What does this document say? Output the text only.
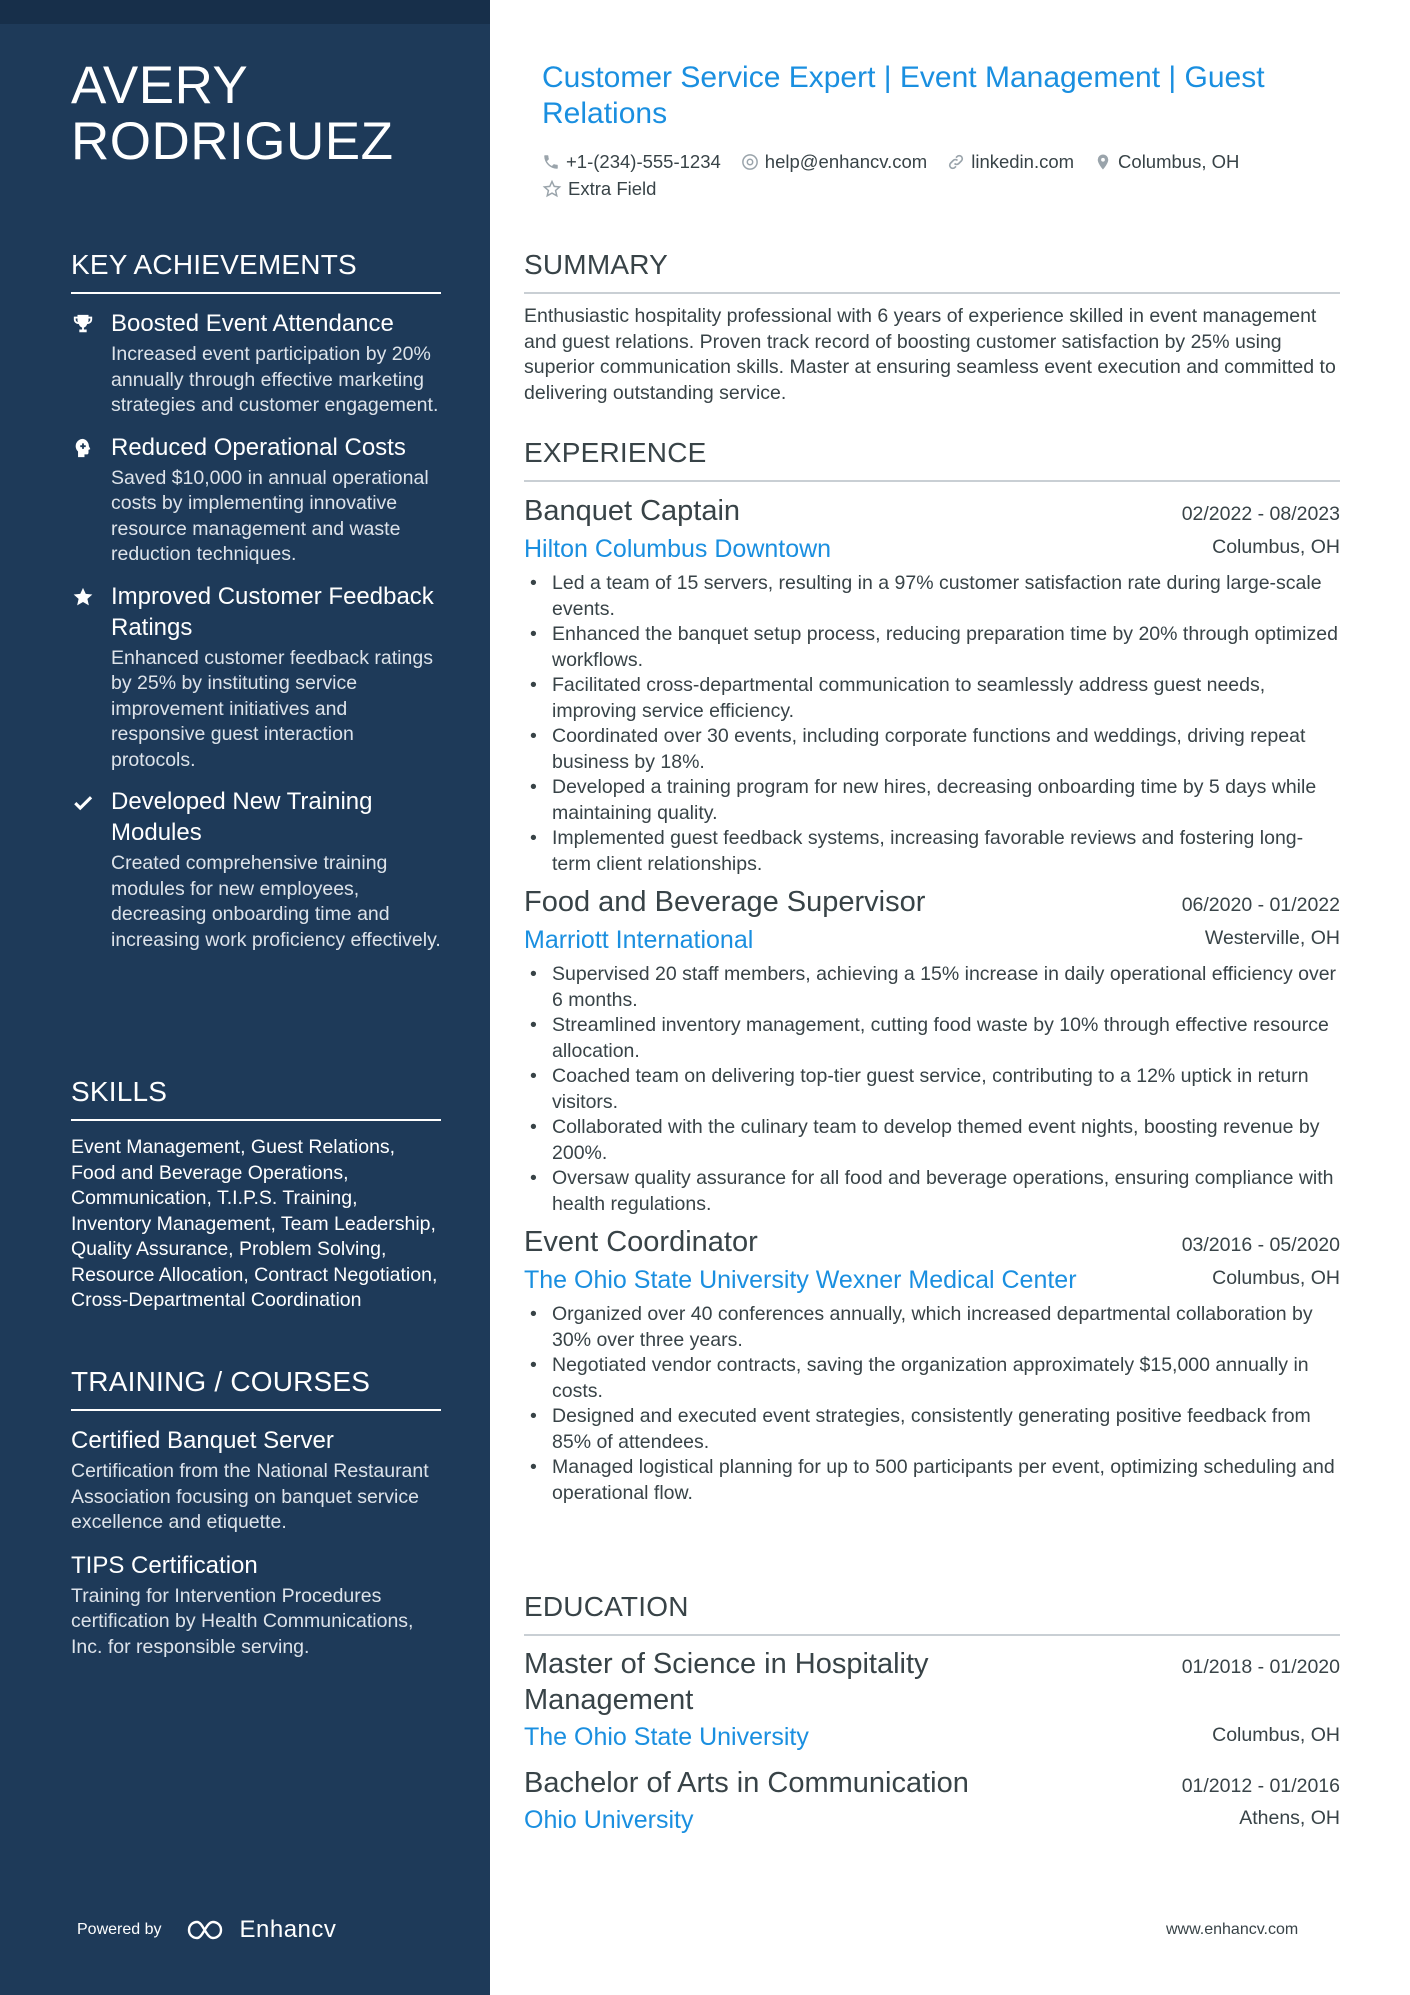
AVERY
RODRIGUEZ
KEY ACHIEVEMENTS
Boosted Event Attendance
Increased event participation by 20% annually through effective marketing strategies and customer engagement.
Reduced Operational Costs
Saved $10,000 in annual operational costs by implementing innovative resource management and waste reduction techniques.
Improved Customer Feedback Ratings
Enhanced customer feedback ratings by 25% by instituting service improvement initiatives and responsive guest interaction protocols.
Developed New Training Modules
Created comprehensive training modules for new employees, decreasing onboarding time and increasing work proficiency effectively.
SKILLS
Event Management, Guest Relations, Food and Beverage Operations, Communication, T.I.P.S. Training, Inventory Management, Team Leadership, Quality Assurance, Problem Solving, Resource Allocation, Contract Negotiation, Cross-Departmental Coordination
TRAINING / COURSES
Certified Banquet Server
Certification from the National Restaurant Association focusing on banquet service excellence and etiquette.
TIPS Certification
Training for Intervention Procedures certification by Health Communications, Inc. for responsible serving.
Powered by	Enhancv
Customer Service Expert | Event Management | Guest Relations
+1-(234)-555-1234 help@enhancv.com linkedin.com Columbus, OH
Extra Field
SUMMARY
Enthusiastic hospitality professional with 6 years of experience skilled in event management and guest relations. Proven track record of boosting customer satisfaction by 25% using superior communication skills. Master at ensuring seamless event execution and committed to delivering outstanding service.
EXPERIENCE
Banquet Captain	02/2022 - 08/2023
Hilton Columbus Downtown	Columbus, OH
• Led a team of 15 servers, resulting in a 97% customer satisfaction rate during large-scale events.
• Enhanced the banquet setup process, reducing preparation time by 20% through optimized workflows.
• Facilitated cross-departmental communication to seamlessly address guest needs, improving service efficiency.
• Coordinated over 30 events, including corporate functions and weddings, driving repeat business by 18%.
• Developed a training program for new hires, decreasing onboarding time by 5 days while maintaining quality.
• Implemented guest feedback systems, increasing favorable reviews and fostering long-term client relationships.
Food and Beverage Supervisor	06/2020 - 01/2022
Marriott International	Westerville, OH
• Supervised 20 staff members, achieving a 15% increase in daily operational efficiency over 6 months.
• Streamlined inventory management, cutting food waste by 10% through effective resource allocation.
• Coached team on delivering top-tier guest service, contributing to a 12% uptick in return visitors.
• Collaborated with the culinary team to develop themed event nights, boosting revenue by 200%.
• Oversaw quality assurance for all food and beverage operations, ensuring compliance with health regulations.
Event Coordinator	03/2016 - 05/2020
The Ohio State University Wexner Medical Center	Columbus, OH
• Organized over 40 conferences annually, which increased departmental collaboration by 30% over three years.
• Negotiated vendor contracts, saving the organization approximately $15,000 annually in costs.
• Designed and executed event strategies, consistently generating positive feedback from 85% of attendees.
• Managed logistical planning for up to 500 participants per event, optimizing scheduling and operational flow.
EDUCATION
Master of Science in Hospitality Management
01/2018 - 01/2020
The Ohio State University	Columbus, OH
Bachelor of Arts in Communication	01/2012 - 01/2016
Ohio University	Athens, OH
www.enhancv.com
